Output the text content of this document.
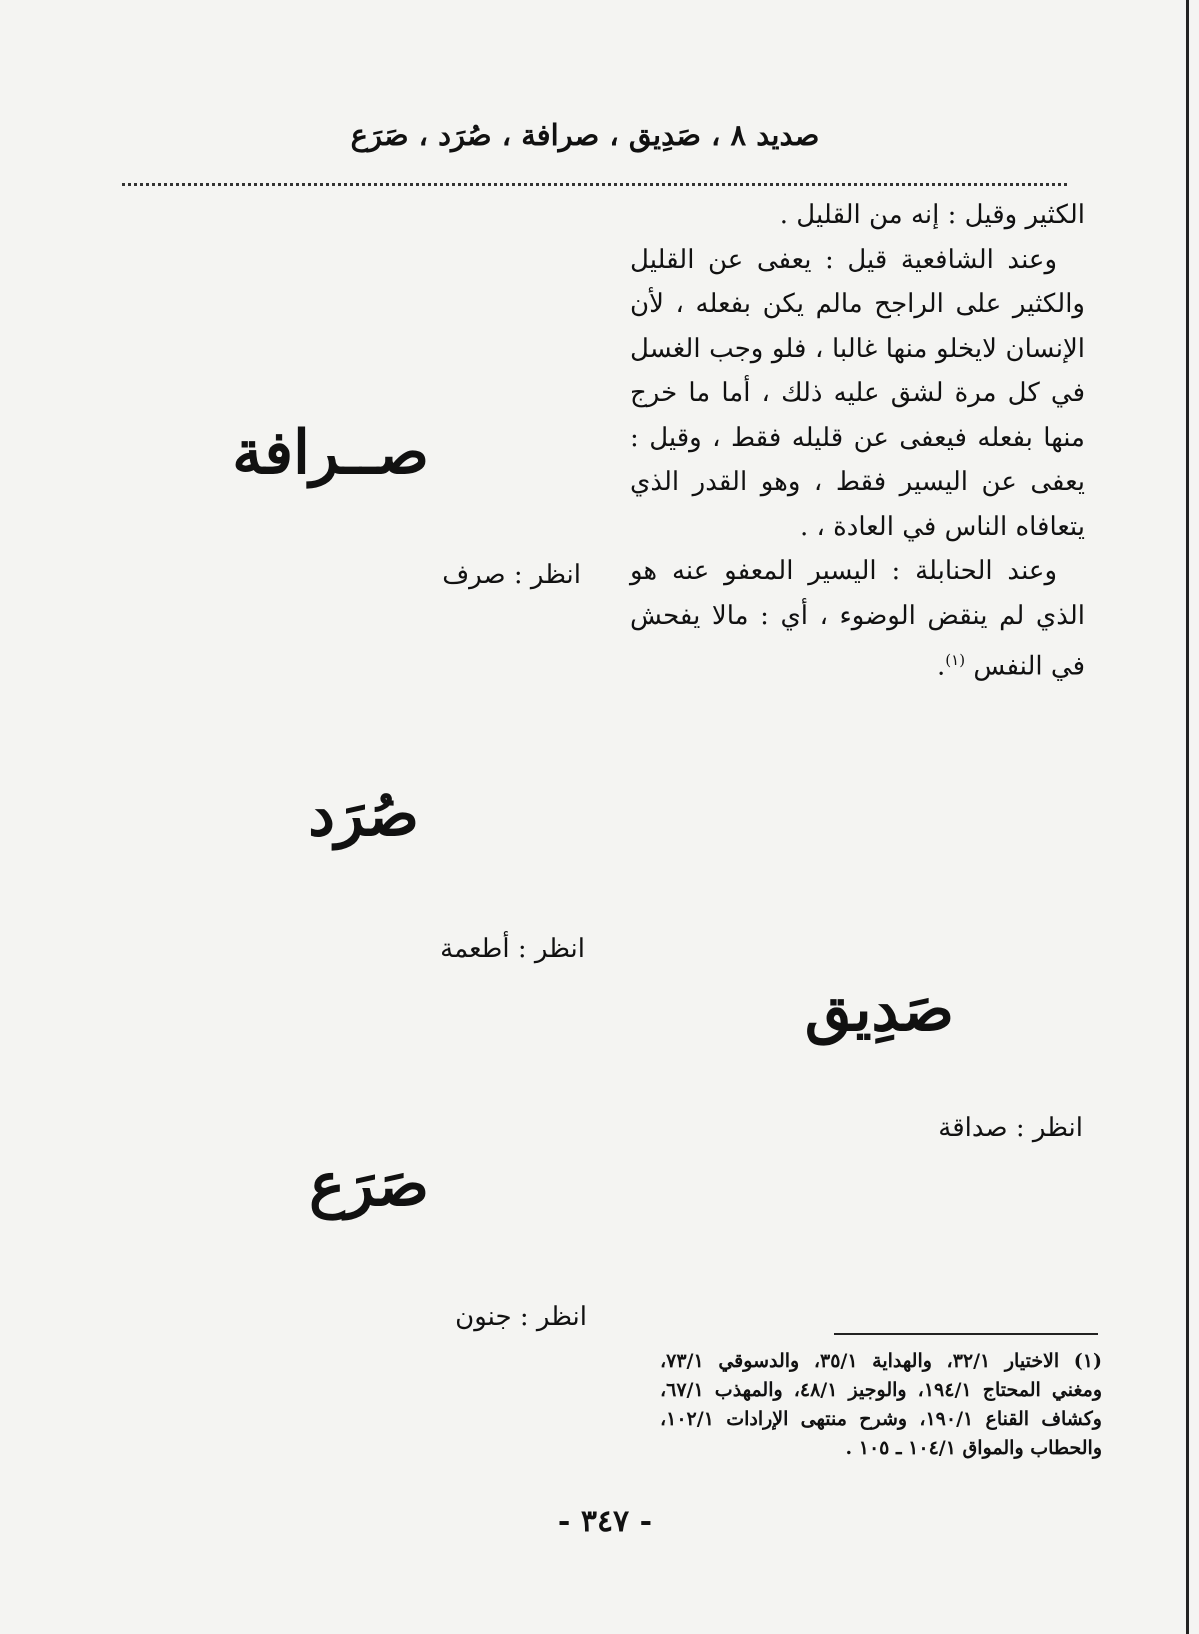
صديد ٨ ، صَدِيق ، صرافة ، صُرَد ، صَرَع

الكثير وقيل : إنه من القليل .

وعند الشافعية قيل : يعفى عن القليل والكثير على الراجح مالم يكن بفعله ، لأن الإنسان لايخلو منها غالبا ، فلو وجب الغسل في كل مرة لشق عليه ذلك ، أما ما خرج منها بفعله فيعفى عن قليله فقط ، وقيل : يعفى عن اليسير فقط ، وهو القدر الذي يتعافاه الناس في العادة ، .

وعند الحنابلة : اليسير المعفو عنه هو الذي لم ينقض الوضوء ، أي : مالا يفحش في النفس $^{(١)}$.

صــرافة
انظر : صرف
صُرَد
انظر : أطعمة
صَدِيق
انظر : صداقة
صَرَع
انظر : جنون

(١) الاختيار ٣٢/١، والهداية ٣٥/١، والدسوقي ٧٣/١، ومغني المحتاج ١٩٤/١، والوجيز ٤٨/١، والمهذب ٦٧/١، وكشاف القناع ١٩٠/١، وشرح منتهى الإرادات ١٠٢/١، والحطاب والمواق ١٠٤/١ ـ ١٠٥ .

- ٣٤٧ -
